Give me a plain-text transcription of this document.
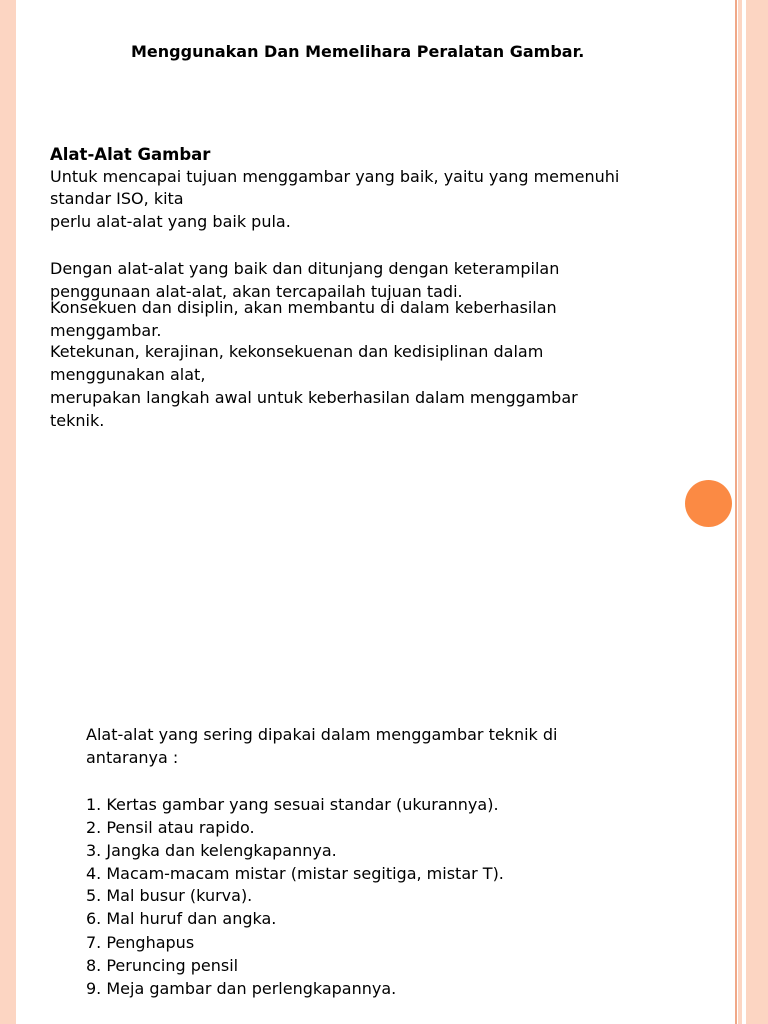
Menggunakan Dan Memelihara Peralatan Gambar.
Alat-Alat Gambar
Untuk mencapai tujuan menggambar yang baik, yaitu yang memenuhi
standar ISO, kita
perlu alat-alat yang baik pula.
Dengan alat-alat yang baik dan ditunjang dengan keterampilan
penggunaan alat-alat, akan tercapailah tujuan tadi.
Konsekuen dan disiplin, akan membantu di dalam keberhasilan
menggambar.
Ketekunan, kerajinan, kekonsekuenan dan kedisiplinan dalam
menggunakan alat,
merupakan langkah awal untuk keberhasilan dalam menggambar
teknik.
Alat-alat yang sering dipakai dalam menggambar teknik di
antaranya :
1. Kertas gambar yang sesuai standar (ukurannya).
2. Pensil atau rapido.
3. Jangka dan kelengkapannya.
4. Macam-macam mistar (mistar segitiga, mistar T).
5. Mal busur (kurva).
6. Mal huruf dan angka.
7. Penghapus
8. Peruncing pensil
9. Meja gambar dan perlengkapannya.
